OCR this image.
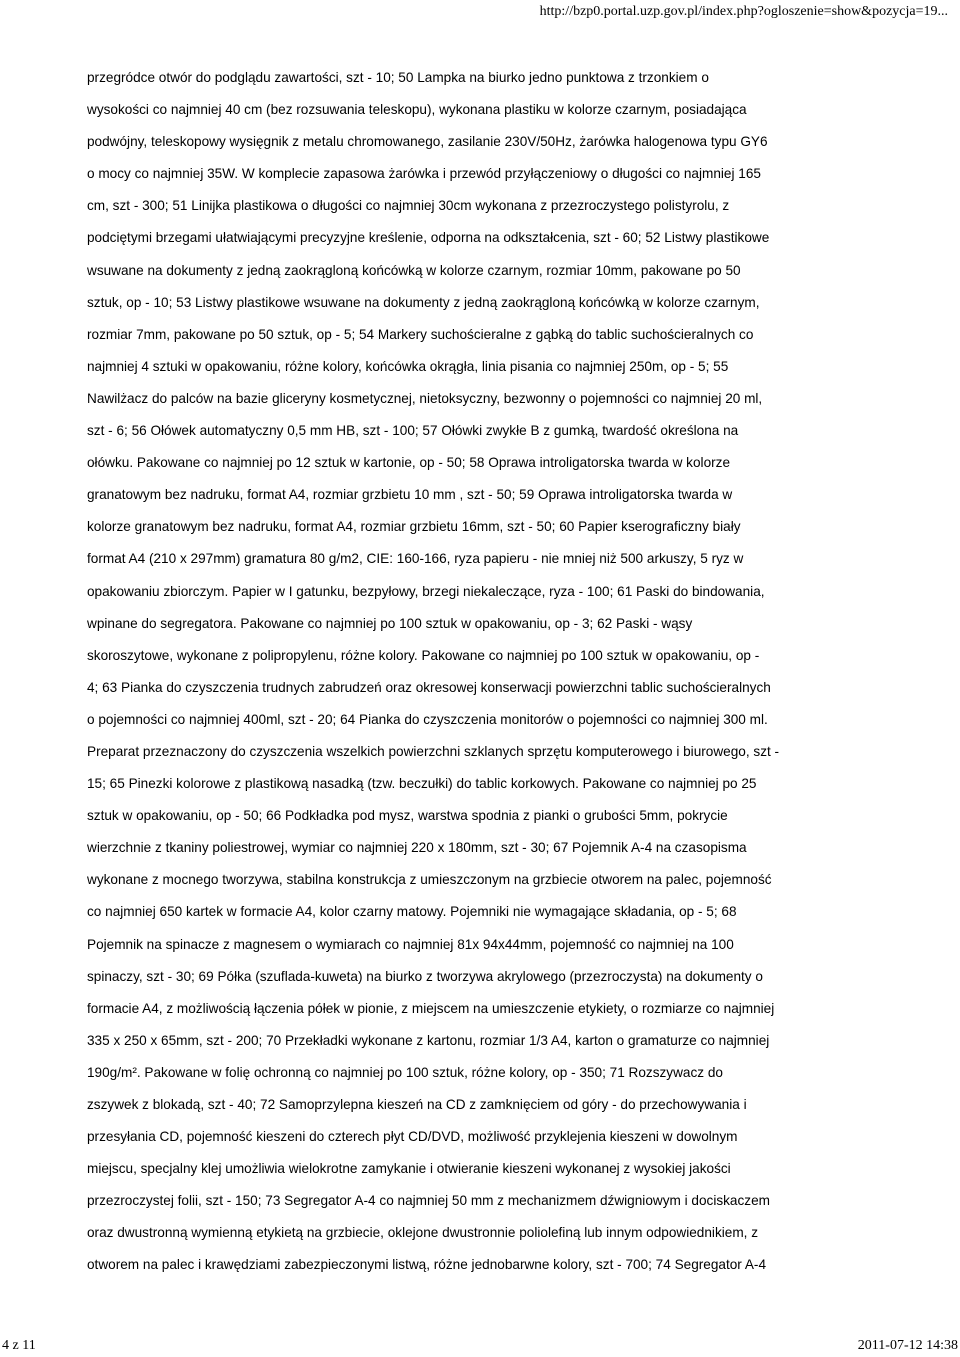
http://bzp0.portal.uzp.gov.pl/index.php?ogloszenie=show&pozycja=19...
przegródce otwór do podglądu zawartości, szt - 10; 50 Lampka na biurko jedno punktowa z trzonkiem o
wysokości co najmniej 40 cm (bez rozsuwania teleskopu), wykonana plastiku w kolorze czarnym, posiadająca
podwójny, teleskopowy wysięgnik z metalu chromowanego, zasilanie 230V/50Hz, żarówka halogenowa typu GY6
o mocy co najmniej 35W. W komplecie zapasowa żarówka i przewód przyłączeniowy o długości co najmniej 165
cm, szt - 300; 51 Linijka plastikowa o długości co najmniej 30cm wykonana z przezroczystego polistyrolu, z
podciętymi brzegami ułatwiającymi precyzyjne kreślenie, odporna na odkształcenia, szt - 60; 52 Listwy plastikowe
wsuwane na dokumenty z jedną zaokrągloną końcówką w kolorze czarnym, rozmiar 10mm, pakowane po 50
sztuk, op - 10; 53 Listwy plastikowe wsuwane na dokumenty z jedną zaokrągloną końcówką w kolorze czarnym,
rozmiar 7mm, pakowane po 50 sztuk, op - 5; 54 Markery suchościeralne z gąbką do tablic suchościeralnych co
najmniej 4 sztuki w opakowaniu, różne kolory, końcówka okrągła, linia pisania co najmniej 250m, op - 5; 55
Nawilżacz do palców na bazie gliceryny kosmetycznej, nietoksyczny, bezwonny o pojemności co najmniej 20 ml,
szt - 6; 56 Ołówek automatyczny 0,5 mm HB, szt - 100; 57 Ołówki zwykłe B z gumką, twardość określona na
ołówku. Pakowane co najmniej po 12 sztuk w kartonie, op - 50; 58 Oprawa introligatorska twarda w kolorze
granatowym bez nadruku, format A4, rozmiar grzbietu 10 mm , szt - 50; 59 Oprawa introligatorska twarda w
kolorze granatowym bez nadruku, format A4, rozmiar grzbietu 16mm, szt - 50; 60 Papier kserograficzny biały
format A4 (210 x 297mm) gramatura 80 g/m2, CIE: 160-166, ryza papieru - nie mniej niż 500 arkuszy, 5 ryz w
opakowaniu zbiorczym. Papier w I gatunku, bezpyłowy, brzegi niekaleczące, ryza - 100; 61 Paski do bindowania,
wpinane do segregatora. Pakowane co najmniej po 100 sztuk w opakowaniu, op - 3; 62 Paski - wąsy
skoroszytowe, wykonane z polipropylenu, różne kolory. Pakowane co najmniej po 100 sztuk w opakowaniu, op -
4; 63 Pianka do czyszczenia trudnych zabrudzeń oraz okresowej konserwacji powierzchni tablic suchościeralnych
o pojemności co najmniej 400ml, szt - 20; 64 Pianka do czyszczenia monitorów o pojemności co najmniej 300 ml.
Preparat przeznaczony do czyszczenia wszelkich powierzchni szklanych sprzętu komputerowego i biurowego, szt -
15; 65 Pinezki kolorowe z plastikową nasadką (tzw. beczułki) do tablic korkowych. Pakowane co najmniej po 25
sztuk w opakowaniu, op - 50; 66 Podkładka pod mysz, warstwa spodnia z pianki o grubości 5mm, pokrycie
wierzchnie z tkaniny poliestrowej, wymiar co najmniej 220 x 180mm, szt - 30; 67 Pojemnik A-4 na czasopisma
wykonane z mocnego tworzywa, stabilna konstrukcja z umieszczonym na grzbiecie otworem na palec, pojemność
co najmniej 650 kartek w formacie A4, kolor czarny matowy. Pojemniki nie wymagające składania, op - 5; 68
Pojemnik na spinacze z magnesem o wymiarach co najmniej 81x 94x44mm, pojemność co najmniej na 100
spinaczy, szt - 30; 69 Półka (szuflada-kuweta) na biurko z tworzywa akrylowego (przezroczysta) na dokumenty o
formacie A4, z możliwością łączenia półek w pionie, z miejscem na umieszczenie etykiety, o rozmiarze co najmniej
335 x 250 x 65mm, szt - 200; 70 Przekładki wykonane z kartonu, rozmiar 1/3 A4, karton o gramaturze co najmniej
190g/m². Pakowane w folię ochronną co najmniej po 100 sztuk, różne kolory, op - 350; 71 Rozszywacz do
zszywek z blokadą, szt - 40; 72 Samoprzylepna kieszeń na CD z zamknięciem od góry - do przechowywania i
przesyłania CD, pojemność kieszeni do czterech płyt CD/DVD, możliwość przyklejenia kieszeni w dowolnym
miejscu, specjalny klej umożliwia wielokrotne zamykanie i otwieranie kieszeni wykonanej z wysokiej jakości
przezroczystej folii, szt - 150; 73 Segregator A-4 co najmniej 50 mm z mechanizmem dźwigniowym i dociskaczem
oraz dwustronną wymienną etykietą na grzbiecie, oklejone dwustronnie polioleﬁną lub innym odpowiednikiem, z
otworem na palec i krawędziami zabezpieczonymi listwą, różne jednobarwne kolory, szt - 700; 74 Segregator A-4
4 z 11	2011-07-12 14:38
